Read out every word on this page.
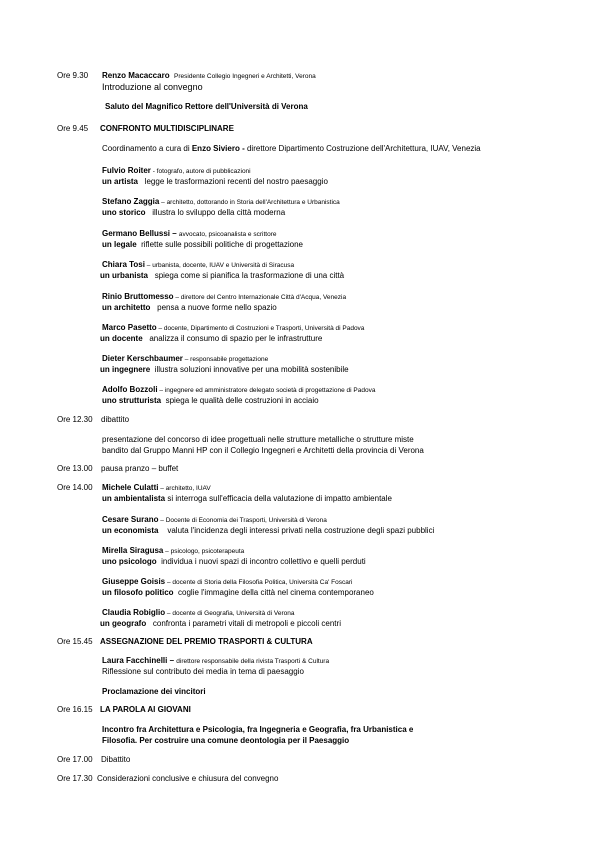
Ore 9.30 Renzo Macaccaro Presidente Collegio Ingegneri e Architetti, Verona
Introduzione al convegno
Saluto del Magnifico Rettore dell'Università di Verona
Ore 9.45 CONFRONTO MULTIDISCIPLINARE
Coordinamento a cura di Enzo Siviero - direttore Dipartimento Costruzione dell'Architettura, IUAV, Venezia
Fulvio Roiter - fotografo, autore di pubblicazioni
un artista legge le trasformazioni recenti del nostro paesaggio
Stefano Zaggia – architetto, dottorando in Storia dell'Architettura e Urbanistica
uno storico illustra lo sviluppo della città moderna
Germano Bellussi – avvocato, psicoanalista e scrittore
un legale riflette sulle possibili politiche di progettazione
Chiara Tosi – urbanista, docente, IUAV e Università di Siracusa
un urbanista spiega come si pianifica la trasformazione di una città
Rinio Bruttomesso – direttore del Centro Internazionale Città d'Acqua, Venezia
un architetto pensa a nuove forme nello spazio
Marco Pasetto – docente, Dipartimento di Costruzioni e Trasporti, Università di Padova
un docente analizza il consumo di spazio per le infrastrutture
Dieter Kerschbaumer – responsabile progettazione
un ingegnere illustra soluzioni innovative per una mobilità sostenibile
Adolfo Bozzoli – ingegnere ed amministratore delegato società di progettazione di Padova
uno strutturista spiega le qualità delle costruzioni in acciaio
Ore 12.30 dibattito
presentazione del concorso di idee progettuali nelle strutture metalliche o strutture miste
bandito dal Gruppo Manni HP con il Collegio Ingegneri e Architetti della provincia di Verona
Ore 13.00 pausa pranzo – buffet
Ore 14.00 Michele Culatti – architetto, IUAV
un ambientalista si interroga sull'efficacia della valutazione di impatto ambientale
Cesare Surano – Docente di Economia dei Trasporti, Università di Verona
un economista valuta l'incidenza degli interessi privati nella costruzione degli spazi pubblici
Mirella Siragusa – psicologo, psicoterapeuta
uno psicologo individua i nuovi spazi di incontro collettivo e quelli perduti
Giuseppe Goisis – docente di Storia della Filosofia Politica, Università Ca' Foscari
un filosofo politico coglie l'immagine della città nel cinema contemporaneo
Claudia Robiglio – docente di Geografia, Università di Verona
un geografo confronta i parametri vitali di metropoli e piccoli centri
Ore 15.45 ASSEGNAZIONE DEL PREMIO TRASPORTI & CULTURA
Laura Facchinelli – direttore responsabile della rivista Trasporti & Cultura
Riflessione sul contributo dei media in tema di paesaggio
Proclamazione dei vincitori
Ore 16.15 LA PAROLA AI GIOVANI
Incontro fra Architettura e Psicologia, fra Ingegneria e Geografia, fra Urbanistica e
Filosofia. Per costruire una comune deontologia per il Paesaggio
Ore 17.00 Dibattito
Ore 17.30 Considerazioni conclusive e chiusura del convegno
